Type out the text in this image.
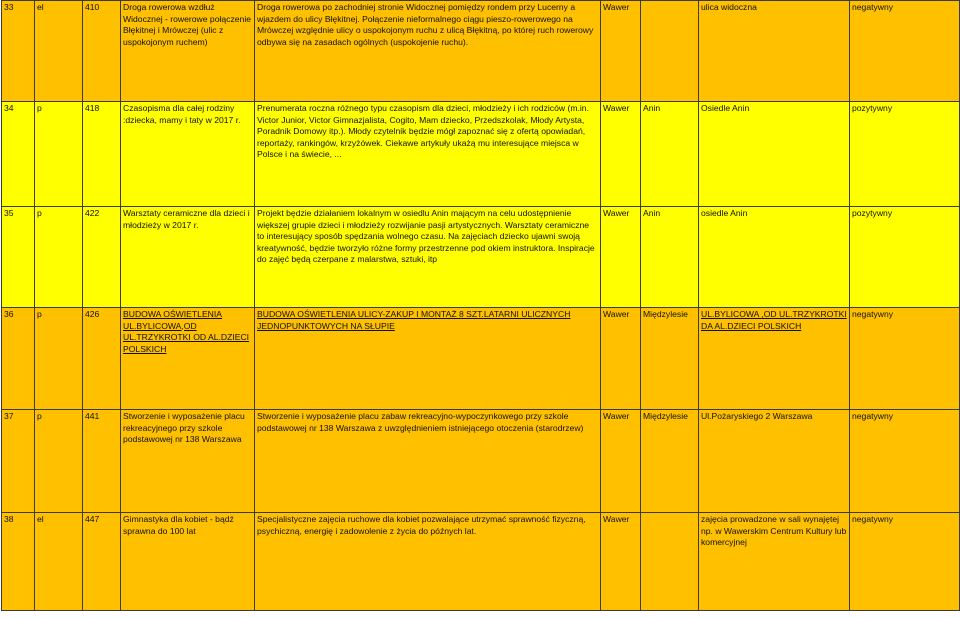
33	el	410	Droga rowerowa wzdłuż Widocznej - rowerowe połączenie Błękitnej i Mrówczej (ulic z uspokojonym ruchem)	Droga rowerowa po zachodniej stronie Widocznej pomiędzy rondem przy Lucerny a wjazdem do ulicy Błękitnej. Połączenie nieformalnego ciągu pieszo-rowerowego na Mrówczej względnie ulicy o uspokojonym ruchu z ulicą Błękitną, po której ruch rowerowy odbywa się na zasadach ogólnych (uspokojenie ruchu).	Wawer		ulica widoczna	negatywny
34	p	418	Czasopisma dla całej rodziny :dziecka, mamy i taty w 2017 r.	Prenumerata roczna różnego typu czasopism dla dzieci, młodzieży i ich rodziców (m.in. Victor Junior, Victor Gimnazjalista, Cogito, Mam dziecko, Przedszkolak, Młody Artysta, Poradnik Domowy itp.). Młody czytelnik będzie mógł zapoznać się z ofertą opowiadań, reportaży, rankingów, krzyżówek. Ciekawe artykuły ukażą mu interesujące miejsca w Polsce i na świecie, ...	Wawer	Anin	Osiedle Anin	pozytywny
35	p	422	Warsztaty ceramiczne dla dzieci i młodzieży w 2017 r.	Projekt będzie działaniem lokalnym w osiedlu Anin mającym na celu udostępnienie większej grupie dzieci i młodzieży rozwijanie pasji artystycznych. Warsztaty ceramiczne to interesujący sposób spędzania wolnego czasu. Na zajęciach dziecko ujawni swoją kreatywność, będzie tworzyło różne formy przestrzenne pod okiem instruktora. Inspiracje do zajęć będą czerpane z malarstwa, sztuki, itp	Wawer	Anin	osiedle Anin	pozytywny
36	p	426	BUDOWA OŚWIETLENIA UL.BYLICOWA,OD UL.TRZYKROTKI OD AL.DZIECI POLSKICH	BUDOWA OŚWIETLENIA ULICY-ZAKUP I MONTAŻ 8 SZT.LATARNI ULICZNYCH JEDNOPUNKTOWYCH NA SŁUPIE	Wawer	Międzylesie	UL.BYLICOWA ,OD UL.TRZYKROTKI DA AL.DZIECI POLSKICH	negatywny
37	p	441	Stworzenie i wyposażenie placu rekreacyjnego przy szkole podstawowej nr 138 Warszawa	Stworzenie i wyposażenie placu zabaw rekreacyjno-wypoczynkowego przy szkole podstawowej nr 138 Warszawa z uwzględnieniem istniejącego otoczenia (starodrzew)	Wawer	Międzylesie	Ul.Pożaryskiego 2 Warszawa	negatywny
38	el	447	Gimnastyka dla kobiet - bądź sprawna do 100 lat	Specjalistyczne zajęcia ruchowe dla kobiet pozwalające utrzymać sprawność fizyczną, psychiczną, energię i zadowolenie z życia do późnych lat.	Wawer		zajęcia prowadzone w sali wynajętej np. w Wawerskim Centrum Kultury lub komercyjnej	negatywny
